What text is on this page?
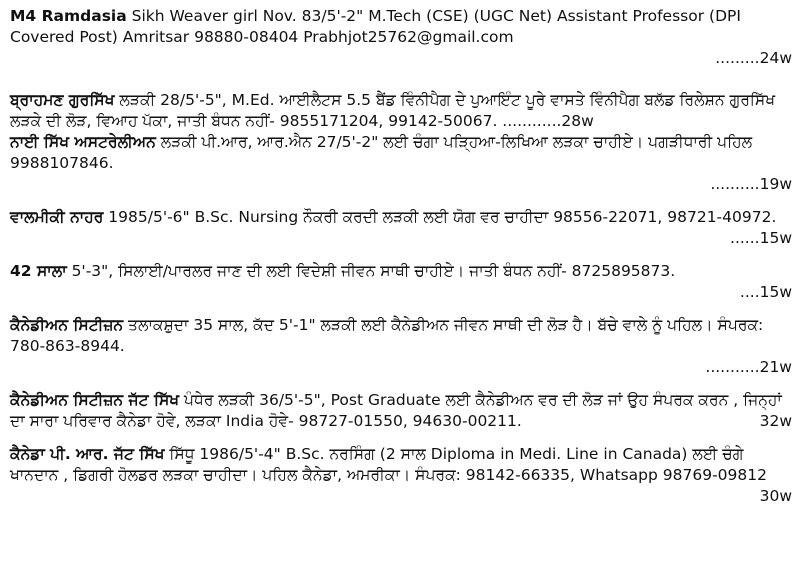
M4 Ramdasia Sikh Weaver girl Nov. 83/5'-2" M.Tech (CSE) (UGC Net) Assistant Professor (DPI Covered Post) Amritsar 98880-08404 Prabhjot25762@gmail.com
.........24w
ਬ੍ਰਾਹਮਣ ਗੁਰਸਿੱਖ ਲੜਕੀ 28/5'-5", M.Ed. ਆਈਲੈਟਸ 5.5 ਬੈਂਡ ਵਿੰਨੀਪੈਗ ਦੇ ਪੁਆਇੰਟ ਪੂਰੇ ਵਾਸਤੇ ਵਿੰਨੀਪੈਗ ਬਲੱਡ ਰਿਲੇਸ਼ਨ ਗੁਰਸਿੱਖ ਲੜਕੇ ਦੀ ਲੋੜ, ਵਿਆਹ ਪੱਕਾ, ਜਾਤੀ ਬੰਧਨ ਨਹੀਂ- 9855171204, 99142-50067. ............28w
ਨਾਈ ਸਿੱਖ ਅਸਟਰੇਲੀਅਨ ਲੜਕੀ ਪੀ.ਆਰ, ਆਰ.ਐਨ 27/5'-2" ਲਈ ਚੰਗਾ ਪੜ੍ਹਿਆ-ਲਿਖਿਆ ਲੜਕਾ ਚਾਹੀਏ। ਪਗੜੀਧਾਰੀ ਪਹਿਲ 9988107846.
..........19w
ਵਾਲਮੀਕੀ ਨਾਹਰ 1985/5'-6" B.Sc. Nursing ਨੌਕਰੀ ਕਰਦੀ ਲੜਕੀ ਲਈ ਯੋਗ ਵਰ ਚਾਹੀਦਾ 98556-22071, 98721-40972.
......15w
42 ਸਾਲਾ 5'-3", ਸਿਲਾਈ/ਪਾਰਲਰ ਜਾਣ ਦੀ ਲਈ ਵਿਦੇਸ਼ੀ ਜੀਵਨ ਸਾਥੀ ਚਾਹੀਏ। ਜਾਤੀ ਬੰਧਨ ਨਹੀਂ- 8725895873.
....15w
ਕੈਨੇਡੀਅਨ ਸਿਟੀਜ਼ਨ ਤਲਾਕਸ਼ੁਦਾ 35 ਸਾਲ, ਕੱਦ 5'-1" ਲੜਕੀ ਲਈ ਕੈਨੇਡੀਅਨ ਜੀਵਨ ਸਾਥੀ ਦੀ ਲੋੜ ਹੈ। ਬੱਚੇ ਵਾਲੇ ਨੂੰ ਪਹਿਲ। ਸੰਪਰਕ: 780-863-8944.
...........21w
ਕੈਨੇਡੀਅਨ ਸਿਟੀਜ਼ਨ ਜੱਟ ਸਿੱਖ ਪੰਧੇਰ ਲੜਕੀ 36/5'-5", Post Graduate ਲਈ ਕੈਨੇਡੀਅਨ ਵਰ ਦੀ ਲੋੜ ਜਾਂ ਉਹ ਸੰਪਰਕ ਕਰਨ , ਜਿਨ੍ਹਾਂ ਦਾ ਸਾਰਾ ਪਰਿਵਾਰ ਕੈਨੇਡਾ ਹੋਵੇ, ਲੜਕਾ India ਹੋਵੇ- 98727-01550, 94630-00211.	32w
ਕੈਨੇਡਾ ਪੀ. ਆਰ. ਜੱਟ ਸਿੱਖ ਸਿੱਧੂ 1986/5'-4" B.Sc. ਨਰਸਿੰਗ (2 ਸਾਲ Diploma in Medi. Line in Canada) ਲਈ ਚੰਗੇ ਖਾਨਦਾਨ , ਡਿਗਰੀ ਹੋਲਡਰ ਲੜਕਾ ਚਾਹੀਦਾ। ਪਹਿਲ ਕੈਨੇਡਾ, ਅਮਰੀਕਾ। ਸੰਪਰਕ: 98142-66335, Whatsapp 98769-09812
30w
